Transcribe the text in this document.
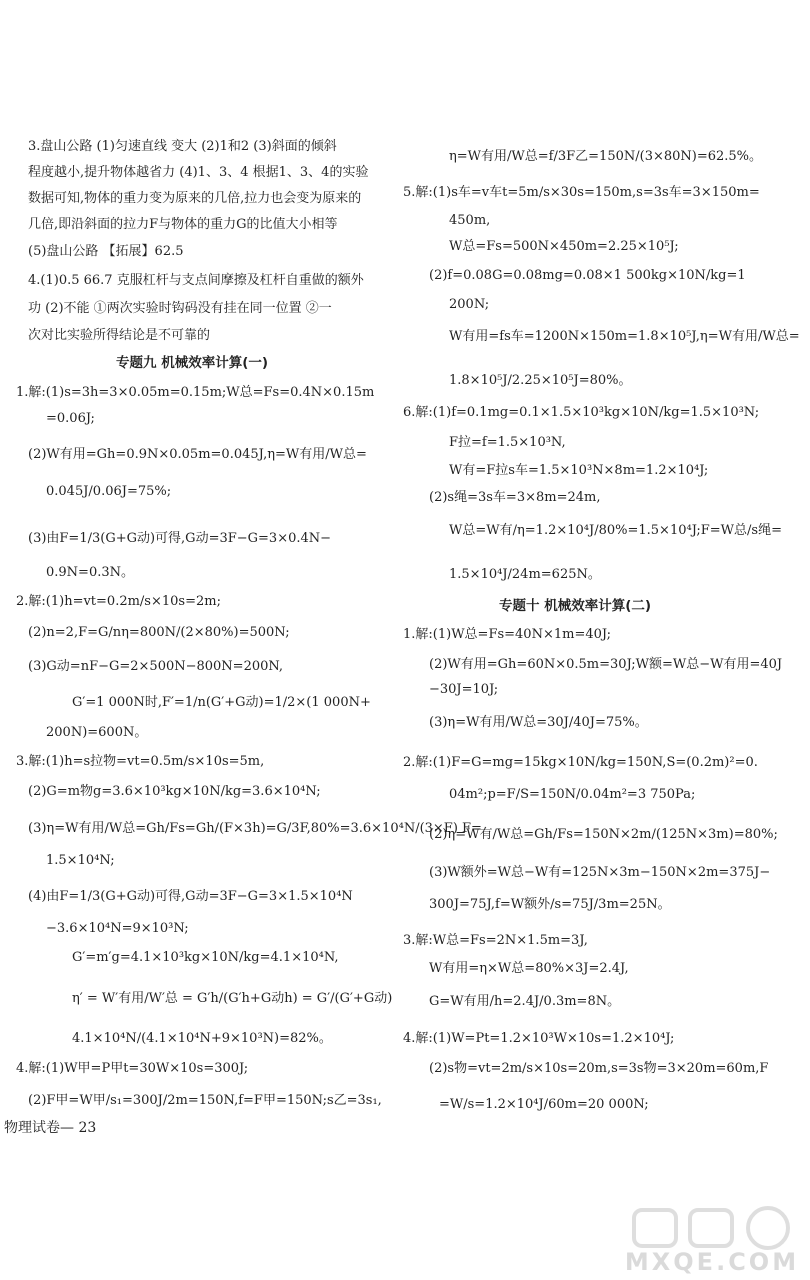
3.盘山公路 (1)匀速直线 变大 (2)1和2 (3)斜面的倾斜
程度越小,提升物体越省力 (4)1、3、4 根据1、3、4的实验
数据可知,物体的重力变为原来的几倍,拉力也会变为原来的
几倍,即沿斜面的拉力F与物体的重力G的比值大小相等
(5)盘山公路 【拓展】62.5
4.(1)0.5 66.7 克服杠杆与支点间摩擦及杠杆自重做的额外
功 (2)不能 ①两次实验时钩码没有挂在同一位置 ②一
次对比实验所得结论是不可靠的
专题九 机械效率计算(一)
1.解:(1)s=3h=3×0.05m=0.15m;W总=Fs=0.4N×0.15m
=0.06J;
(2)W有用=Gh=0.9N×0.05m=0.045J,η=W有用/W总=
0.045J/0.06J=75%;
(3)由F=1/3(G+G动)可得,G动=3F−G=3×0.4N−
0.9N=0.3N。
2.解:(1)h=vt=0.2m/s×10s=2m;
(2)n=2,F=G/nη=800N/(2×80%)=500N;
(3)G动=nF−G=2×500N−800N=200N,
G′=1 000N时,F′=1/n(G′+G动)=1/2×(1 000N+
200N)=600N。
3.解:(1)h=s拉物=vt=0.5m/s×10s=5m,
(2)G=m物g=3.6×10³kg×10N/kg=3.6×10⁴N;
(3)η=W有用/W总=Gh/Fs=Gh/(F×3h)=G/3F,80%=3.6×10⁴N/(3×F) F=
1.5×10⁴N;
(4)由F=1/3(G+G动)可得,G动=3F−G=3×1.5×10⁴N
−3.6×10⁴N=9×10³N;
G′=m′g=4.1×10³kg×10N/kg=4.1×10⁴N,
η′ = W′有用/W′总 = G′h/(G′h+G动h) = G′/(G′+G动)
4.1×10⁴N/(4.1×10⁴N+9×10³N)=82%。
4.解:(1)W甲=P甲t=30W×10s=300J;
(2)F甲=W甲/s₁=300J/2m=150N,f=F甲=150N;s乙=3s₁,
η=W有用/W总=f/3F乙=150N/(3×80N)=62.5%。
5.解:(1)s车=v车t=5m/s×30s=150m,s=3s车=3×150m=
450m,
W总=Fs=500N×450m=2.25×10⁵J;
(2)f=0.08G=0.08mg=0.08×1 500kg×10N/kg=1
200N;
W有用=fs车=1200N×150m=1.8×10⁵J,η=W有用/W总=
1.8×10⁵J/2.25×10⁵J=80%。
6.解:(1)f=0.1mg=0.1×1.5×10³kg×10N/kg=1.5×10³N;
F拉=f=1.5×10³N,
W有=F拉s车=1.5×10³N×8m=1.2×10⁴J;
(2)s绳=3s车=3×8m=24m,
W总=W有/η=1.2×10⁴J/80%=1.5×10⁴J;F=W总/s绳=
1.5×10⁴J/24m=625N。
专题十 机械效率计算(二)
1.解:(1)W总=Fs=40N×1m=40J;
(2)W有用=Gh=60N×0.5m=30J;W额=W总−W有用=40J
−30J=10J;
(3)η=W有用/W总=30J/40J=75%。
2.解:(1)F=G=mg=15kg×10N/kg=150N,S=(0.2m)²=0.
04m²;p=F/S=150N/0.04m²=3 750Pa;
(2)η=W有/W总=Gh/Fs=150N×2m/(125N×3m)=80%;
(3)W额外=W总−W有=125N×3m−150N×2m=375J−
300J=75J,f=W额外/s=75J/3m=25N。
3.解:W总=Fs=2N×1.5m=3J,
W有用=η×W总=80%×3J=2.4J,
G=W有用/h=2.4J/0.3m=8N。
4.解:(1)W=Pt=1.2×10³W×10s=1.2×10⁴J;
(2)s物=vt=2m/s×10s=20m,s=3s物=3×20m=60m,F
=W/s=1.2×10⁴J/60m=20 000N;
物理试卷— 23
MXQE.COM
